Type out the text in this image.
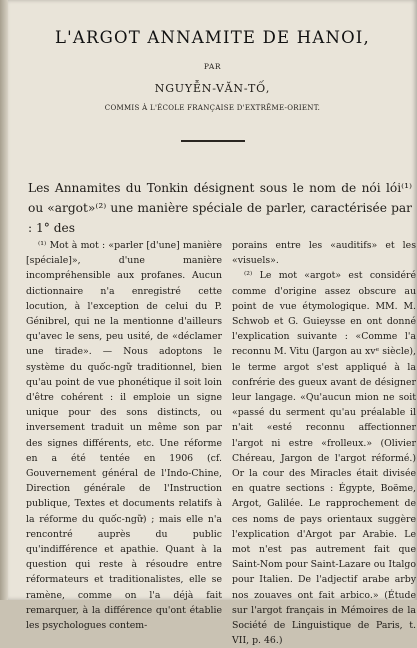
L'ARGOT ANNAMITE DE HANOI,
PAR
NGUYỄN-VĂN-TỐ,
COMMIS À L'ÉCOLE FRANÇAISE D'EXTRÊME-ORIENT.
Les Annamites du Tonkin désignent sous le nom de nói lói⁽¹⁾ ou «argot»⁽²⁾ une manière spéciale de parler, caractérisée par : 1° des

⁽¹⁾ Mot à mot : «parler [d'une] manière [spéciale]», d'une manière incompréhensible aux profanes. Aucun dictionnaire n'a enregistré cette locution, à l'exception de celui du P. Génibrel, qui ne la mentionne d'ailleurs qu'avec le sens, peu usité, de «déclamer une tirade». — Nous adoptons le système du quốc-ngữ traditionnel, bien qu'au point de vue phonétique il soit loin d'être cohérent : il emploie un signe unique pour des sons distincts, ou inversement traduit un même son par des signes différents, etc. Une réforme en a été tentée en 1906 (cf. Gouvernement général de l'Indo-Chine, Direction générale de l'Instruction publique, Textes et documents relatifs à la réforme du quốc-ngữ) ; mais elle n'a rencontré auprès du public qu'indifférence et apathie. Quant à la question qui reste à résoudre entre réformateurs et traditionalistes, elle se ramène, comme on l'a déjà fait remarquer, à la différence qu'ont établie les psychologues contem-

porains entre les «auditifs» et les «visuels».

⁽²⁾ Le mot «argot» est considéré comme d'origine assez obscure au point de vue étymologique. MM. M. Schwob et G. Guieysse en ont donné l'explication suivante : «Comme l'a reconnu M. Vitu (Jargon au xvᵉ siècle), le terme argot s'est appliqué à la confrérie des gueux avant de désigner leur langage. «Qu'aucun mion ne soit «passé du serment qu'au préalable il n'ait «esté reconnu affectionner l'argot ni estre «frolleux.» (Olivier Chéreau, Jargon de l'argot réformé.) Or la cour des Miracles était divisée en quatre sections : Égypte, Boëme, Argot, Galilée. Le rapprochement de ces noms de pays orientaux suggère l'explication d'Argot par Arabie. Le mot n'est pas autrement fait que Saint-Nom pour Saint-Lazare ou Italgo pour Italien. De l'adjectif arabe arby nos zouaves ont fait arbico.» (Étude sur l'argot français in Mémoires de la Société de Linguistique de Paris, t. VII, p. 46.)
